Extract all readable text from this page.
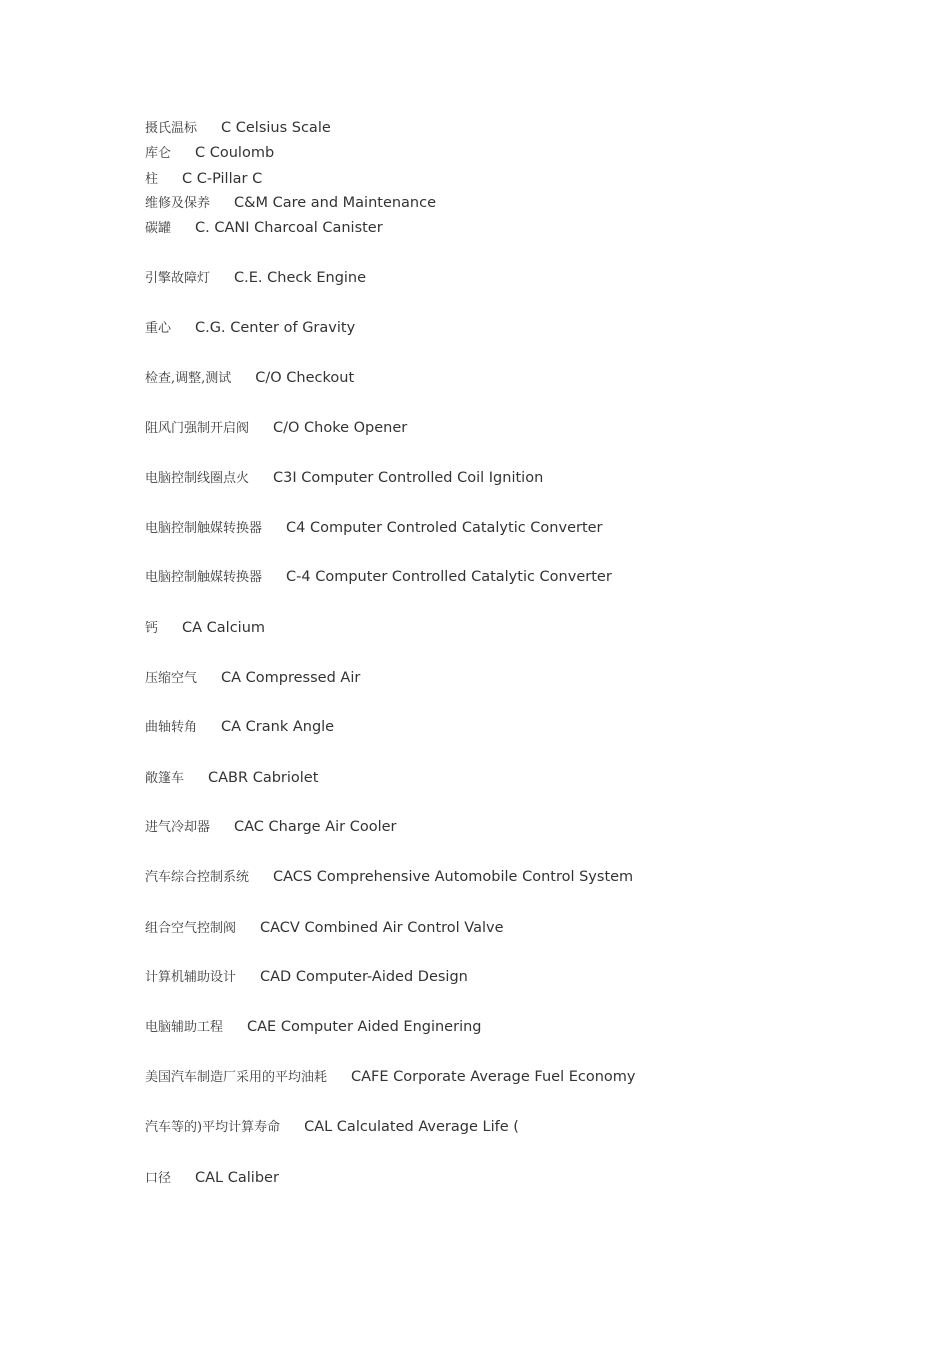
摄氏温标 C Celsius Scale
库仑 C Coulomb
柱 C C-Pillar C
维修及保养 C&M Care and Maintenance
碳罐 C. CANI Charcoal Canister
引擎故障灯 C.E. Check Engine
重心 C.G. Center of Gravity
检查,调整,测试 C/O Checkout
阻风门强制开启阀 C/O Choke Opener
电脑控制线圈点火 C3I Computer Controlled Coil Ignition
电脑控制触媒转换器 C4 Computer Controled Catalytic Converter
电脑控制触媒转换器 C-4 Computer Controlled Catalytic Converter
钙 CA Calcium
压缩空气 CA Compressed Air
曲轴转角 CA Crank Angle
敞篷车 CABR Cabriolet
进气冷却器 CAC Charge Air Cooler
汽车综合控制系统 CACS Comprehensive Automobile Control System
组合空气控制阀 CACV Combined Air Control Valve
计算机辅助设计 CAD Computer-Aided Design
电脑辅助工程 CAE Computer Aided Enginering
美国汽车制造厂采用的平均油耗 CAFE Corporate Average Fuel Economy
汽车等的)平均计算寿命 CAL Calculated Average Life (
口径 CAL Caliber
